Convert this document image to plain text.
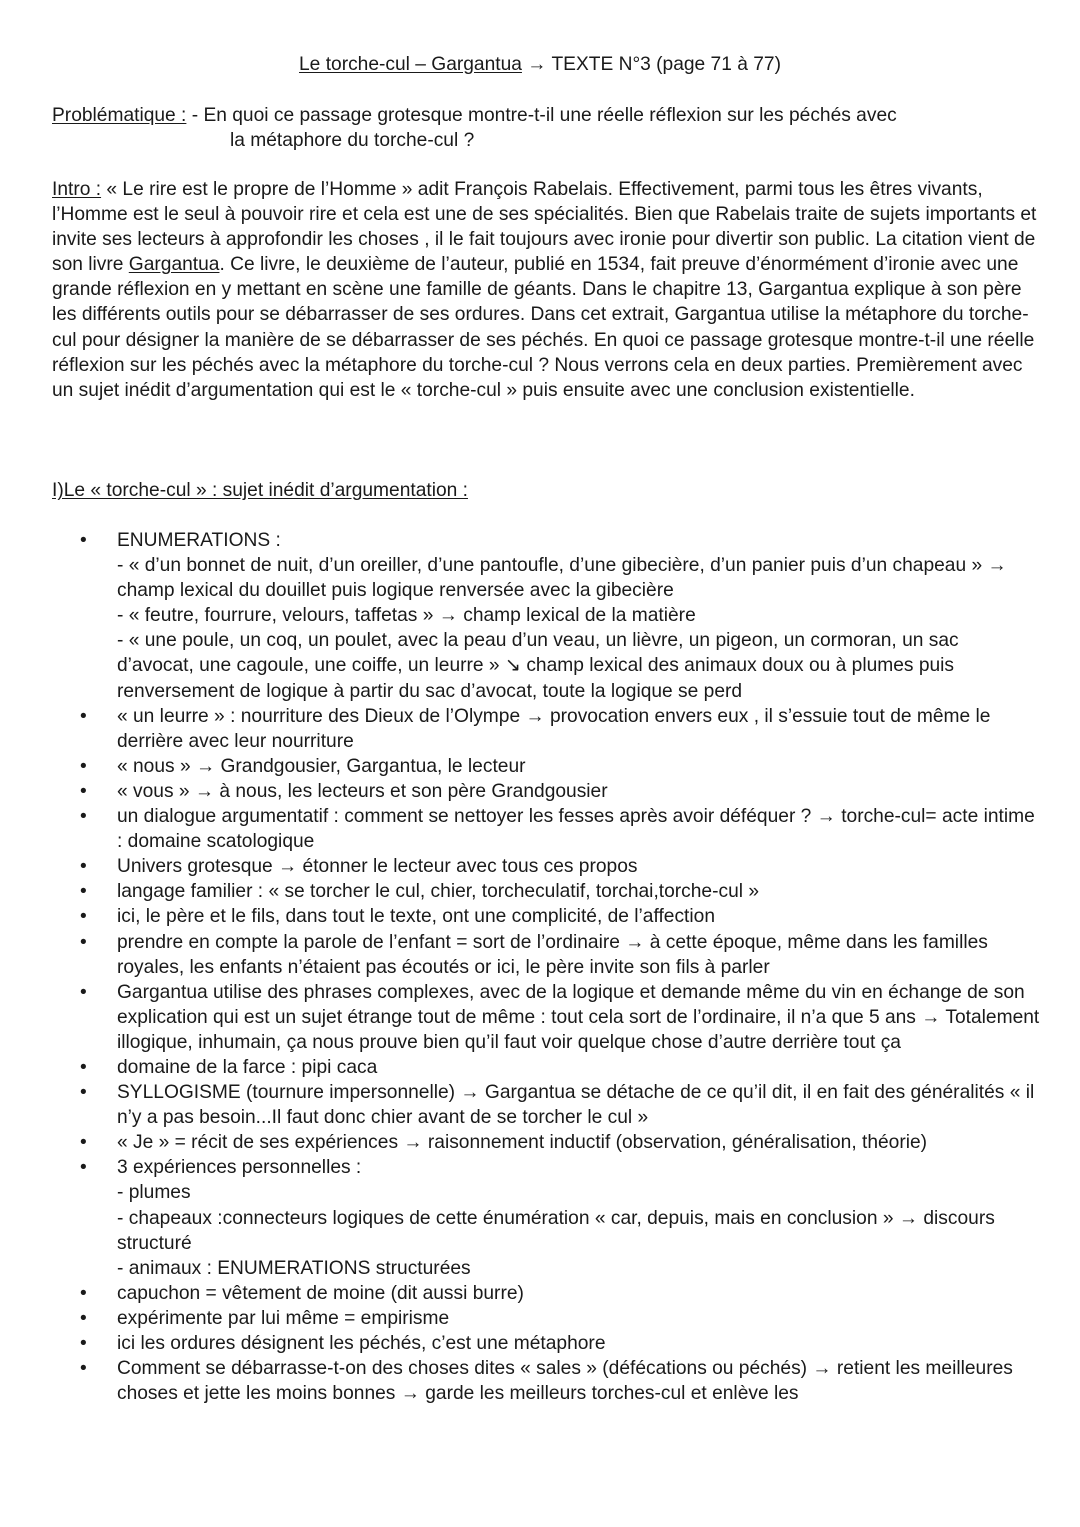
Le torche-cul – Gargantua → TEXTE N°3 (page 71 à 77)
Problématique : - En quoi ce passage grotesque montre-t-il une réelle réflexion sur les péchés avec
la métaphore du torche-cul ?

Intro : « Le rire est le propre de l’Homme » adit François Rabelais. Effectivement, parmi tous les êtres vivants, l’Homme est le seul à pouvoir rire et cela est une de ses spécialités. Bien que Rabelais traite de sujets importants et invite ses lecteurs à approfondir les choses , il le fait toujours avec ironie pour divertir son public. La citation vient de son livre Gargantua. Ce livre, le deuxième de l’auteur, publié en 1534, fait preuve d’énormément d’ironie avec une grande réflexion en y mettant en scène une famille de géants. Dans le chapitre 13, Gargantua explique à son père les différents outils pour se débarrasser de ses ordures. Dans cet extrait, Gargantua utilise la métaphore du torche-cul pour désigner la manière de se débarrasser de ses péchés. En quoi ce passage grotesque montre-t-il une réelle réflexion sur les péchés avec la métaphore du torche-cul ? Nous verrons cela en deux parties. Premièrement avec un sujet inédit d’argumentation qui est le « torche-cul » puis ensuite avec une conclusion existentielle.

I)Le « torche-cul » : sujet inédit d’argumentation :
• ENUMERATIONS :
- « d’un bonnet de nuit, d’un oreiller, d’une pantoufle, d’une gibecière, d’un panier puis d’un chapeau » → champ lexical du douillet puis logique renversée avec la gibecière
- « feutre, fourrure, velours, taffetas » → champ lexical de la matière
- « une poule, un coq, un poulet, avec la peau d’un veau, un lièvre, un pigeon, un cormoran, un sac d’avocat, une cagoule, une coiffe, un leurre » ↘ champ lexical des animaux doux ou à plumes puis renversement de logique à partir du sac d’avocat, toute la logique se perd
• « un leurre » : nourriture des Dieux de l’Olympe → provocation envers eux , il s’essuie tout de même le derrière avec leur nourriture
• « nous » → Grandgousier, Gargantua, le lecteur
• « vous » → à nous, les lecteurs et son père Grandgousier
• un dialogue argumentatif : comment se nettoyer les fesses après avoir déféquer ? → torche-cul= acte intime : domaine scatologique
• Univers grotesque → étonner le lecteur avec tous ces propos
• langage familier : « se torcher le cul, chier, torcheculatif, torchai,torche-cul »
• ici, le père et le fils, dans tout le texte, ont une complicité, de l’affection
• prendre en compte la parole de l’enfant = sort de l’ordinaire → à cette époque, même dans les familles royales, les enfants n’étaient pas écoutés or ici, le père invite son fils à parler
• Gargantua utilise des phrases complexes, avec de la logique et demande même du vin en échange de son explication qui est un sujet étrange tout de même : tout cela sort de l’ordinaire, il n’a que 5 ans → Totalement illogique, inhumain, ça nous prouve bien qu’il faut voir quelque chose d’autre derrière tout ça
• domaine de la farce : pipi caca
• SYLLOGISME (tournure impersonnelle) → Gargantua se détache de ce qu’il dit, il en fait des généralités « il n’y a pas besoin...Il faut donc chier avant de se torcher le cul »
• « Je » = récit de ses expériences → raisonnement inductif (observation, généralisation, théorie)
• 3 expériences personnelles :
- plumes
- chapeaux :connecteurs logiques de cette énumération « car, depuis, mais en conclusion » → discours structuré
- animaux : ENUMERATIONS structurées
• capuchon = vêtement de moine (dit aussi burre)
• expérimente par lui même = empirisme
• ici les ordures désignent les péchés, c’est une métaphore
• Comment se débarrasse-t-on des choses dites « sales » (défécations ou péchés) → retient les meilleures choses et jette les moins bonnes → garde les meilleurs torches-cul et enlève les
